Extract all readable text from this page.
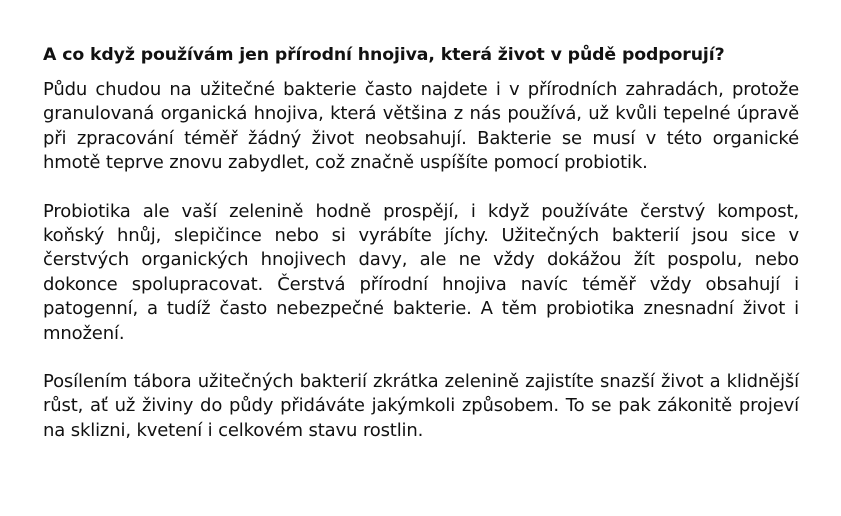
A co když používám jen přírodní hnojiva, která život v půdě podporují?

Půdu chudou na užitečné bakterie často najdete i v přírodních zahradách, protože granulovaná organická hnojiva, která většina z nás používá, už kvůli tepelné úpravě při zpracování téměř žádný život neobsahují. Bakterie se musí v této organické hmotě teprve znovu zabydlet, což značně uspíšíte pomocí probiotik.

Probiotika ale vaší zelenině hodně prospějí, i když používáte čerstvý kompost, koňský hnůj, slepičince nebo si vyrábíte jíchy. Užitečných bakterií jsou sice v čerstvých organických hnojivech davy, ale ne vždy dokážou žít pospolu, nebo dokonce spolupracovat. Čerstvá přírodní hnojiva navíc téměř vždy obsahují i patogenní, a tudíž často nebezpečné bakterie. A těm probiotika znesnadní život i množení.

Posílením tábora užitečných bakterií zkrátka zelenině zajistíte snazší život a klidnější růst, ať už živiny do půdy přidáváte jakýmkoli způsobem. To se pak zákonitě projeví na sklizni, kvetení i celkovém stavu rostlin.
